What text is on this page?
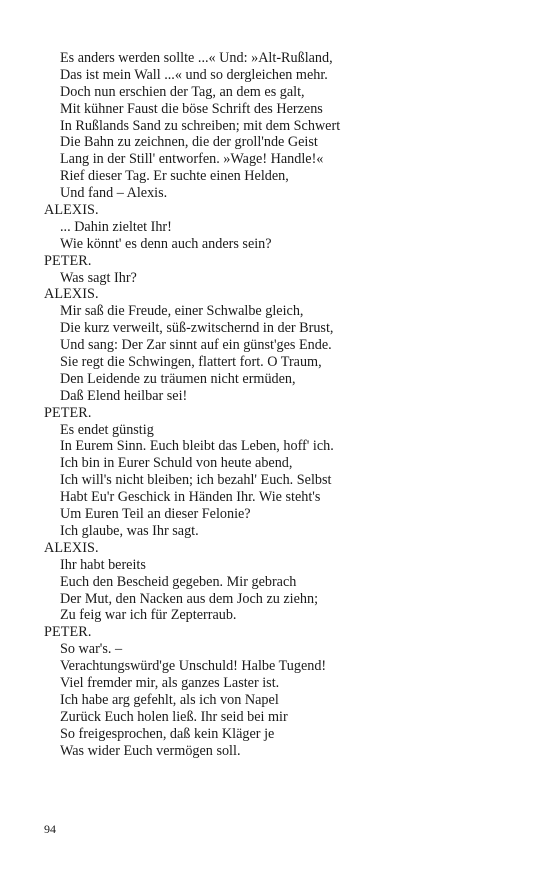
Es anders werden sollte ...« Und: »Alt-Rußland,
Das ist mein Wall ...« und so dergleichen mehr.
Doch nun erschien der Tag, an dem es galt,
Mit kühner Faust die böse Schrift des Herzens
In Rußlands Sand zu schreiben; mit dem Schwert
Die Bahn zu zeichnen, die der groll'nde Geist
Lang in der Still' entworfen. »Wage! Handle!«
Rief dieser Tag. Er suchte einen Helden,
Und fand – Alexis.
ALEXIS.
... Dahin zieltet Ihr!
Wie könnt' es denn auch anders sein?
PETER.
Was sagt Ihr?
ALEXIS.
Mir saß die Freude, einer Schwalbe gleich,
Die kurz verweilt, süß-zwitschernd in der Brust,
Und sang: Der Zar sinnt auf ein günst'ges Ende.
Sie regt die Schwingen, flattert fort. O Traum,
Den Leidende zu träumen nicht ermüden,
Daß Elend heilbar sei!
PETER.
Es endet günstig
In Eurem Sinn. Euch bleibt das Leben, hoff' ich.
Ich bin in Eurer Schuld von heute abend,
Ich will's nicht bleiben; ich bezahl' Euch. Selbst
Habt Eu'r Geschick in Händen Ihr. Wie steht's
Um Euren Teil an dieser Felonie?
Ich glaube, was Ihr sagt.
ALEXIS.
Ihr habt bereits
Euch den Bescheid gegeben. Mir gebrach
Der Mut, den Nacken aus dem Joch zu ziehn;
Zu feig war ich für Zepterraub.
PETER.
So war's. –
Verachtungswürd'ge Unschuld! Halbe Tugend!
Viel fremder mir, als ganzes Laster ist.
Ich habe arg gefehlt, als ich von Napel
Zurück Euch holen ließ. Ihr seid bei mir
So freigesprochen, daß kein Kläger je
Was wider Euch vermögen soll.
94
